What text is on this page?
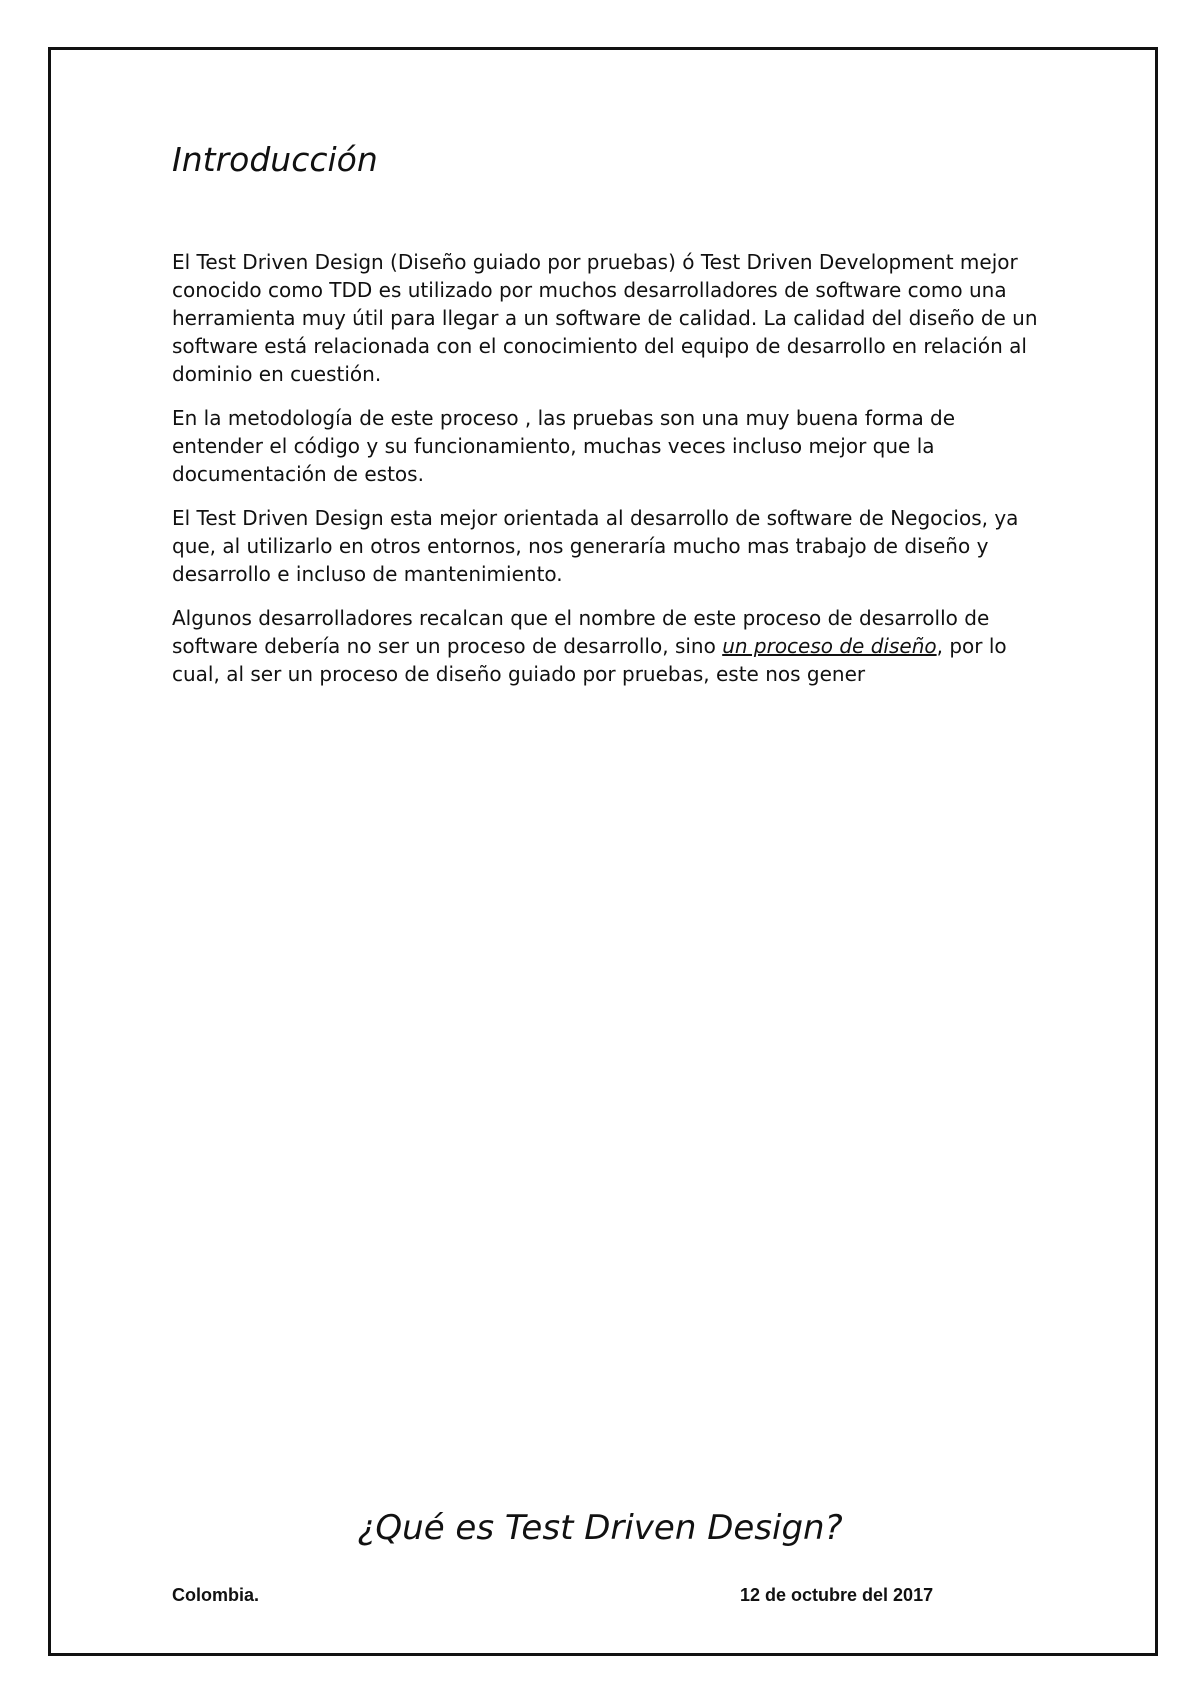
Introducción

El Test Driven Design (Diseño guiado por pruebas) ó Test Driven Development mejor conocido como TDD es utilizado por muchos desarrolladores de software como una herramienta muy útil para llegar a un software de calidad. La calidad del diseño de un software está relacionada con el conocimiento del equipo de desarrollo en relación al dominio en cuestión.

En la metodología de este proceso , las pruebas son una muy buena forma de entender el código y su funcionamiento, muchas veces incluso mejor que la documentación de estos.

El Test Driven Design esta mejor orientada al desarrollo de software de Negocios, ya que, al utilizarlo en otros entornos, nos generaría mucho mas trabajo de diseño y desarrollo e incluso de mantenimiento.

Algunos desarrolladores recalcan que el nombre de este proceso de desarrollo de software debería no ser un proceso de desarrollo, sino un proceso de diseño, por lo cual, al ser un proceso de diseño guiado por pruebas, este nos gener

¿Qué es Test Driven Design?
Colombia.	12 de octubre del 2017
